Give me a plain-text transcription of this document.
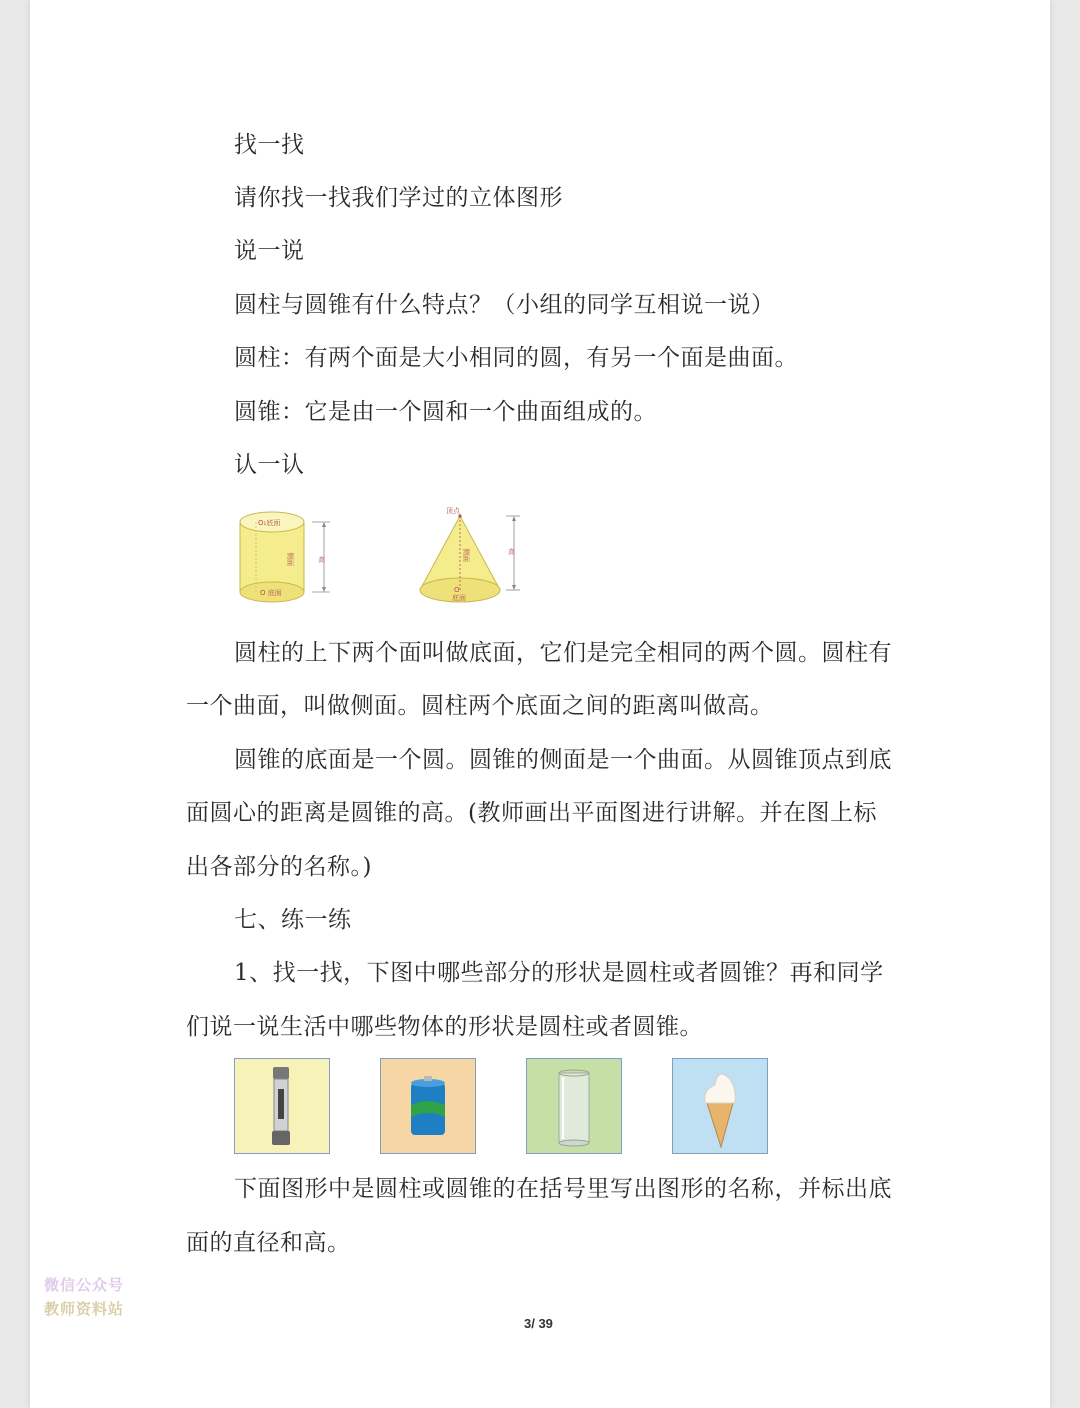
找一找
请你找一找我们学过的立体图形
说一说
圆柱与圆锥有什么特点？（小组的同学互相说一说）
圆柱：有两个面是大小相同的圆，有另一个面是曲面。
圆锥：它是由一个圆和一个曲面组成的。
认一认
O₁底面
O 底面
高
侧面
顶点
高
O
底面
侧面
圆柱的上下两个面叫做底面，它们是完全相同的两个圆。圆柱有
一个曲面，叫做侧面。圆柱两个底面之间的距离叫做高。
圆锥的底面是一个圆。圆锥的侧面是一个曲面。从圆锥顶点到底
面圆心的距离是圆锥的高。(教师画出平面图进行讲解。并在图上标
出各部分的名称。)
七、练一练
1、找一找，下图中哪些部分的形状是圆柱或者圆锥？再和同学
们说一说生活中哪些物体的形状是圆柱或者圆锥。
下面图形中是圆柱或圆锥的在括号里写出图形的名称，并标出底
面的直径和高。
3/ 39
微信公众号
教师资料站
